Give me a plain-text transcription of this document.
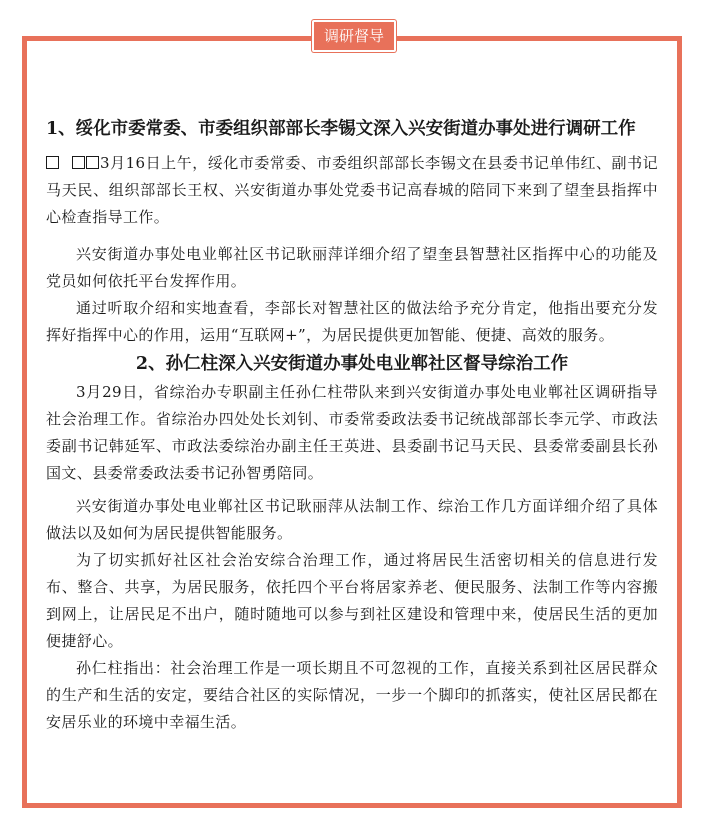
调研督导
1、绥化市委常委、市委组织部部长李锡文深入兴安街道办事处进行调研工作

3月16日上午，绥化市委常委、市委组织部部长李锡文在县委书记单伟红、副书记马天民、组织部部长王权、兴安街道办事处党委书记高春城的陪同下来到了望奎县指挥中心检查指导工作。

兴安街道办事处电业郸社区书记耿丽萍详细介绍了望奎县智慧社区指挥中心的功能及党员如何依托平台发挥作用。

通过听取介绍和实地查看，李部长对智慧社区的做法给予充分肯定，他指出要充分发挥好指挥中心的作用，运用“互联网+”，为居民提供更加智能、便捷、高效的服务。

2、孙仁柱深入兴安街道办事处电业郸社区督导综治工作

3月29日，省综治办专职副主任孙仁柱带队来到兴安街道办事处电业郸社区调研指导社会治理工作。省综治办四处处长刘钊、市委常委政法委书记统战部部长李元学、市政法委副书记韩延军、市政法委综治办副主任王英进、县委副书记马天民、县委常委副县长孙国文、县委常委政法委书记孙智勇陪同。

兴安街道办事处电业郸社区书记耿丽萍从法制工作、综治工作几方面详细介绍了具体做法以及如何为居民提供智能服务。

为了切实抓好社区社会治安综合治理工作，通过将居民生活密切相关的信息进行发布、整合、共享，为居民服务，依托四个平台将居家养老、便民服务、法制工作等内容搬到网上，让居民足不出户，随时随地可以参与到社区建设和管理中来，使居民生活的更加便捷舒心。

孙仁柱指出：社会治理工作是一项长期且不可忽视的工作，直接关系到社区居民群众的生产和生活的安定，要结合社区的实际情况，一步一个脚印的抓落实，使社区居民都在安居乐业的环境中幸福生活。
